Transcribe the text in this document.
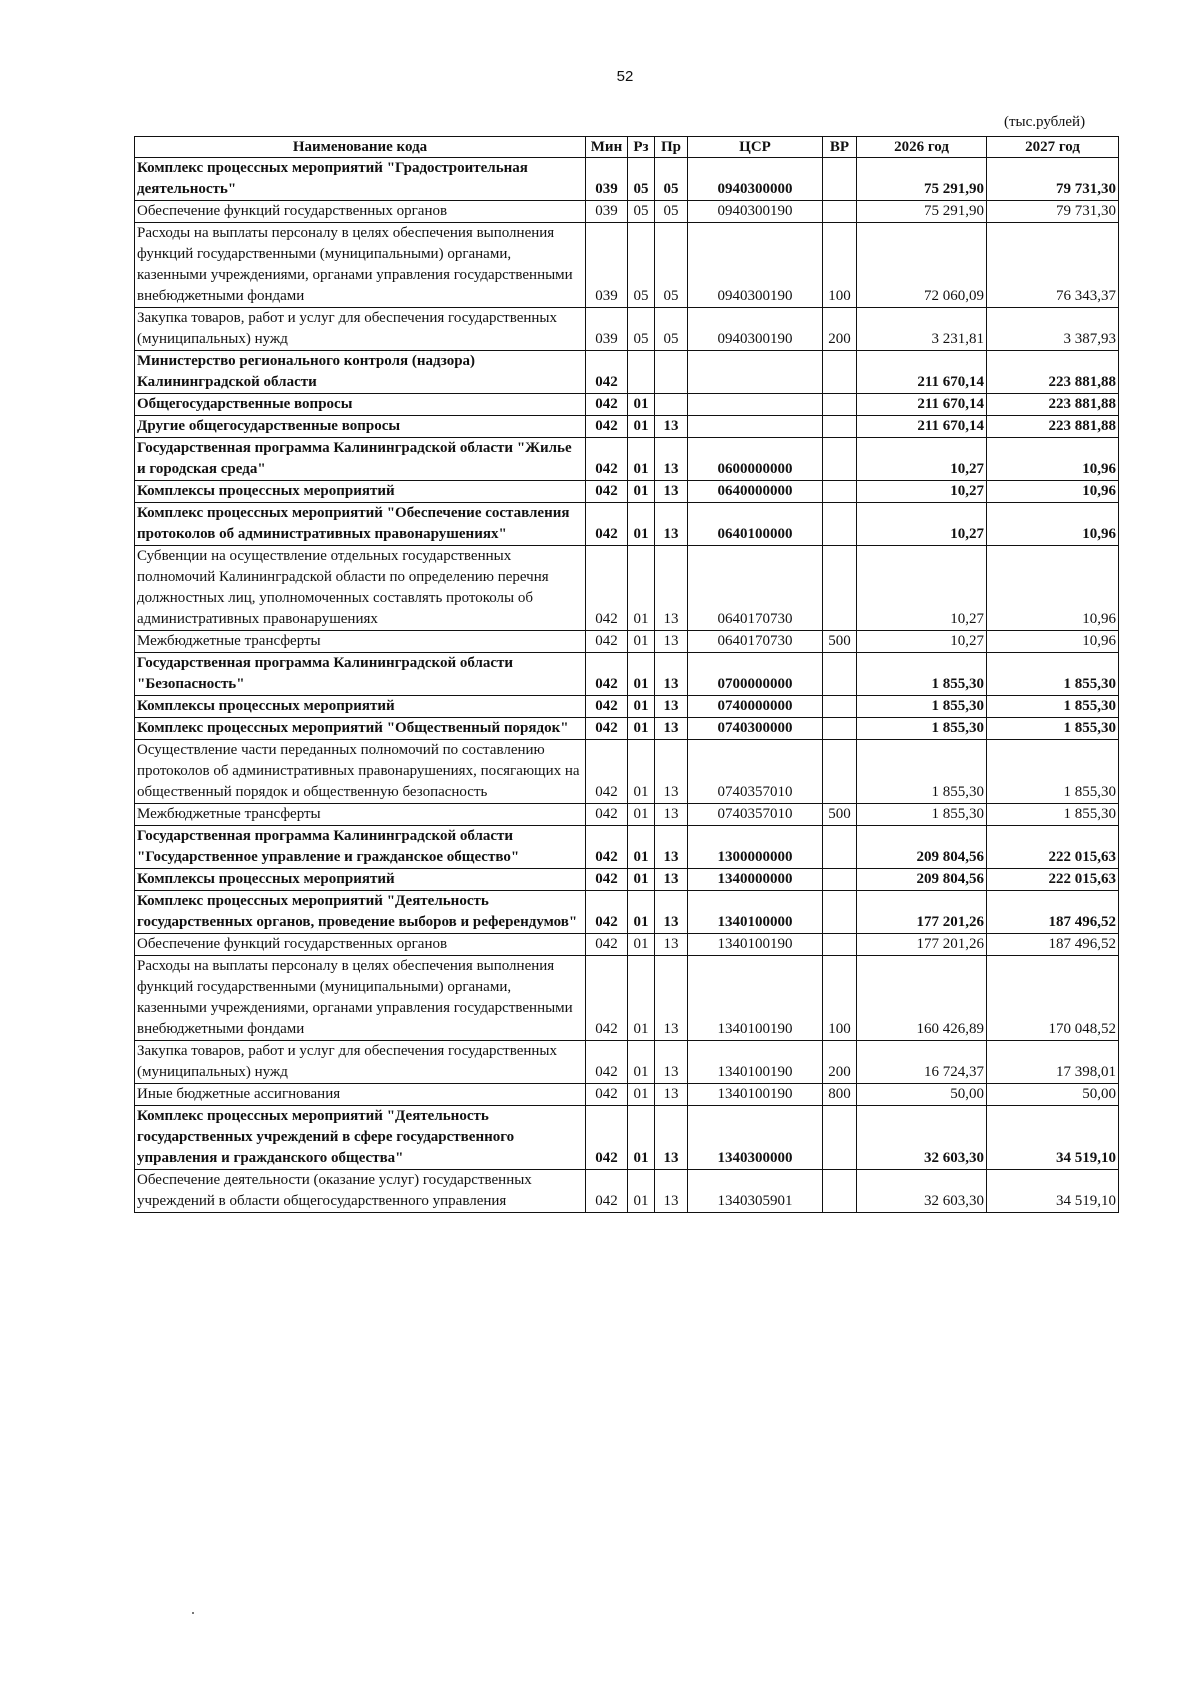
52
(тыс.рублей)
Наименование кода	Мин	Рз	Пр	ЦСР	ВР	2026 год	2027 год
Комплекс процессных мероприятий "Градостроительная деятельность"	039	05	05	0940300000		75 291,90	79 731,30
Обеспечение функций государственных органов	039	05	05	0940300190		75 291,90	79 731,30
Расходы на выплаты персоналу в целях обеспечения выполнения функций государственными (муниципальными) органами, казенными учреждениями, органами управления государственными внебюджетными фондами	039	05	05	0940300190	100	72 060,09	76 343,37
Закупка товаров, работ и услуг для обеспечения государственных (муниципальных) нужд	039	05	05	0940300190	200	3 231,81	3 387,93
Министерство регионального контроля (надзора) Калининградской области	042					211 670,14	223 881,88
Общегосударственные вопросы	042	01				211 670,14	223 881,88
Другие общегосударственные вопросы	042	01	13			211 670,14	223 881,88
Государственная программа Калининградской области "Жилье и городская среда"	042	01	13	0600000000		10,27	10,96
Комплексы процессных мероприятий	042	01	13	0640000000		10,27	10,96
Комплекс процессных мероприятий "Обеспечение составления протоколов об административных правонарушениях"	042	01	13	0640100000		10,27	10,96
Субвенции на осуществление отдельных государственных полномочий Калининградской области по определению перечня должностных лиц, уполномоченных составлять протоколы об административных правонарушениях	042	01	13	0640170730		10,27	10,96
Межбюджетные трансферты	042	01	13	0640170730	500	10,27	10,96
Государственная программа Калининградской области "Безопасность"	042	01	13	0700000000		1 855,30	1 855,30
Комплексы процессных мероприятий	042	01	13	0740000000		1 855,30	1 855,30
Комплекс процессных мероприятий "Общественный порядок"	042	01	13	0740300000		1 855,30	1 855,30
Осуществление части переданных полномочий по составлению протоколов об административных правонарушениях, посягающих на общественный порядок и общественную безопасность	042	01	13	0740357010		1 855,30	1 855,30
Межбюджетные трансферты	042	01	13	0740357010	500	1 855,30	1 855,30
Государственная программа Калининградской области "Государственное управление и гражданское общество"	042	01	13	1300000000		209 804,56	222 015,63
Комплексы процессных мероприятий	042	01	13	1340000000		209 804,56	222 015,63
Комплекс процессных мероприятий "Деятельность государственных органов, проведение выборов и референдумов"	042	01	13	1340100000		177 201,26	187 496,52
Обеспечение функций государственных органов	042	01	13	1340100190		177 201,26	187 496,52
Расходы на выплаты персоналу в целях обеспечения выполнения функций государственными (муниципальными) органами, казенными учреждениями, органами управления государственными внебюджетными фондами	042	01	13	1340100190	100	160 426,89	170 048,52
Закупка товаров, работ и услуг для обеспечения государственных (муниципальных) нужд	042	01	13	1340100190	200	16 724,37	17 398,01
Иные бюджетные ассигнования	042	01	13	1340100190	800	50,00	50,00
Комплекс процессных мероприятий "Деятельность государственных учреждений в сфере государственного управления и гражданского общества"	042	01	13	1340300000		32 603,30	34 519,10
Обеспечение деятельности (оказание услуг) государственных учреждений в области общегосударственного управления	042	01	13	1340305901		32 603,30	34 519,10
